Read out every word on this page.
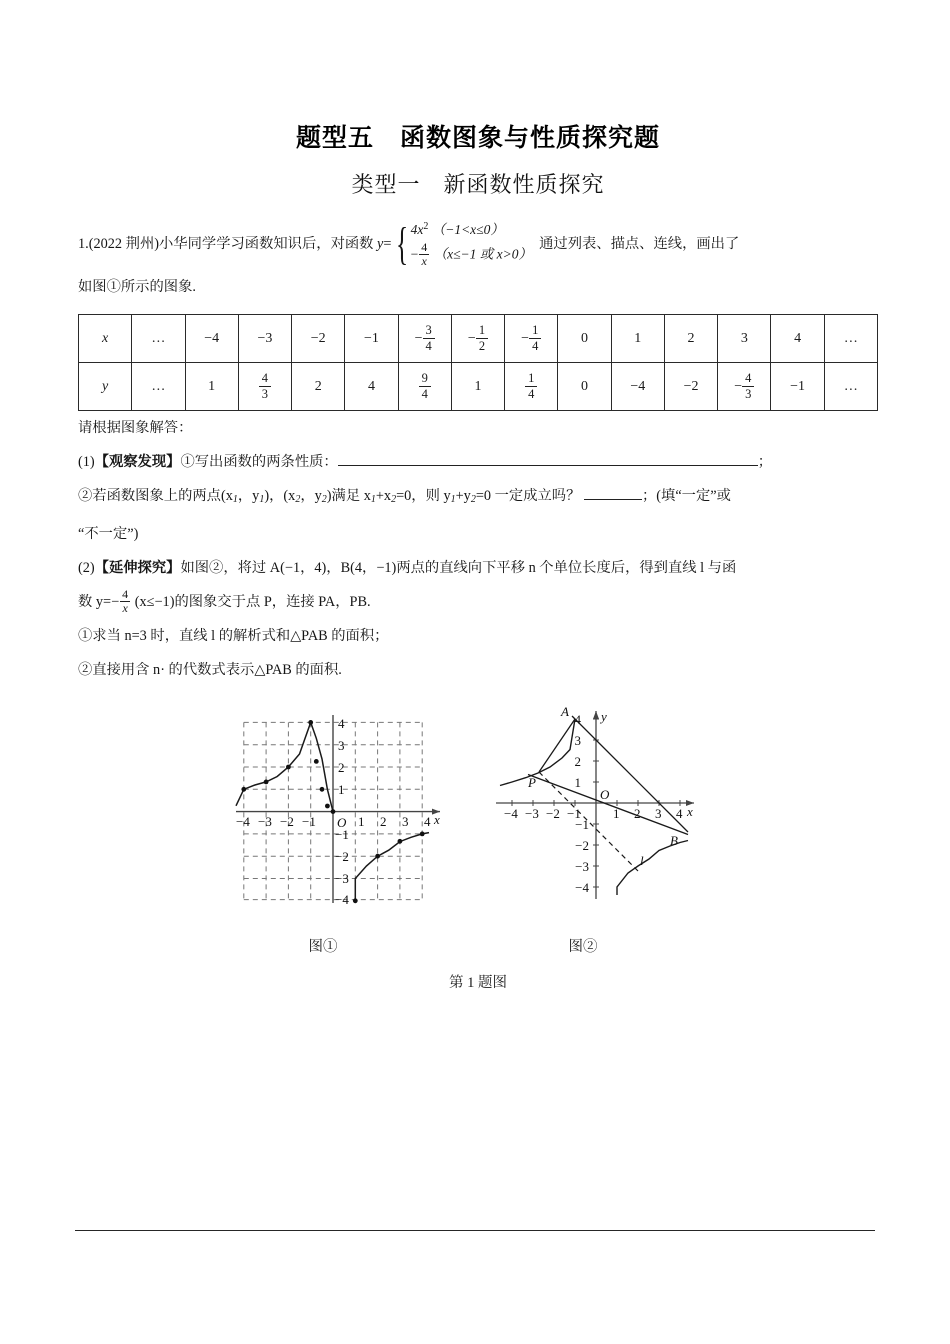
题型五　函数图象与性质探究题
类型一　新函数性质探究

1.(2022 荆州)小华同学学习函数知识后，对函数 y= { $4x^2$ （−1<x≤0）
− $\frac{4}{x} (x\le-1$ 或 x>0）
通过列表、描点、连线，画出了

如图①所示的图象.

x	…	−4	−3	−2	−1	− $\frac{3}{4}$	− $\frac{1}{2}$	− $\frac{1}{4}$	0	1	2	3	4	…
y	…	1	$\frac{4}{3}$	2	4	$\frac{9}{4}$	1	$\frac{1}{4}$	0	−4	−2	− $\frac{4}{3}$	−1	…

请根据图象解答：

(1)【观察发现】①写出函数的两条性质：	；

②若函数图象上的两点($x_1$，$y_1$)，($x_2$，$y_2$)满足 $x_1+x_2=0$，则 $y_1+y_2=0$ 一定成立吗？	；(填“一定”或

“不一定”)

(2)【延伸探究】如图②，将过 A(−1，4)，B(4，−1)两点的直线向下平移 n 个单位长度后，得到直线 l 与函

数 $y=- \frac{4}{x} (x\le-1)$的图象交于点 P，连接 PA，PB.

①求当 n=3 时，直线 l 的解析式和△PAB 的面积；

②直接用含 n· 的代数式表示△PAB 的面积.

x
O
−4 −3 −2 −1	1 2 3 4
4
3
2
1
−1
−2
−3
−4
x
y
O
A
P
B
l
−4 −3 −2 −1 1 2 3 4
4
3
2
1
−1
−2
−3
−4
图①	图②
第 1 题图
